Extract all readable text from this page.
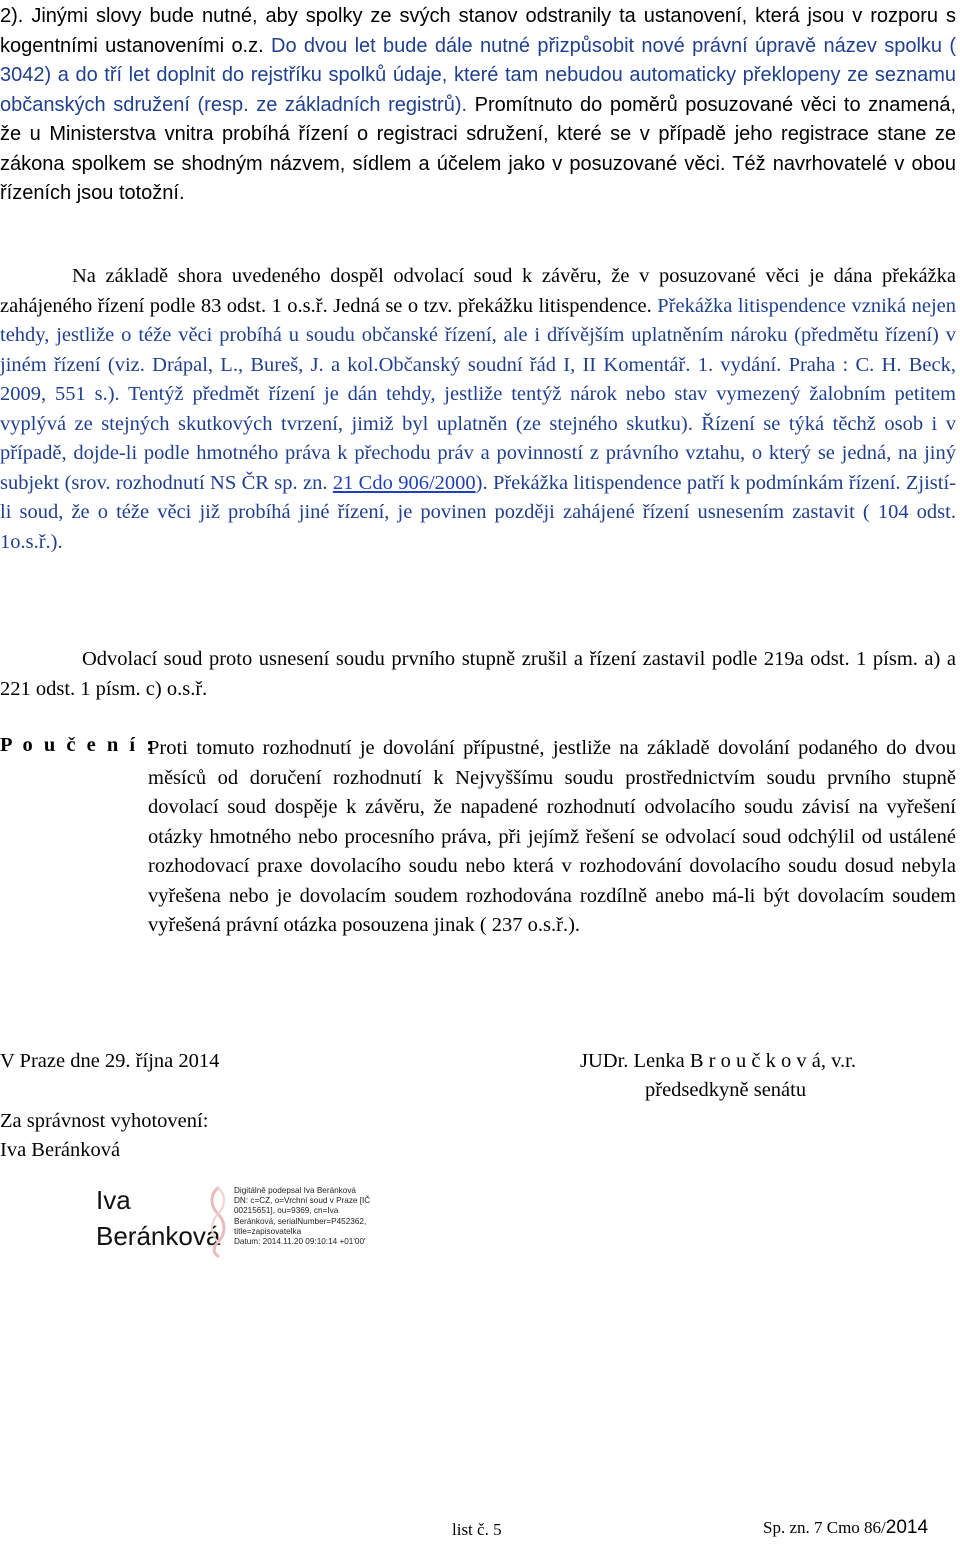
2). Jinými slovy bude nutné, aby spolky ze svých stanov odstranily ta ustanovení, která jsou v rozporu s kogentními ustanoveními o.z. Do dvou let bude dále nutné přizpůsobit nové právní úpravě název spolku ( 3042) a do tří let doplnit do rejstříku spolků údaje, které tam nebudou automaticky překlopeny ze seznamu občanských sdružení (resp. ze základních registrů). Promítnuto do poměrů posuzované věci to znamená, že u Ministerstva vnitra probíhá řízení o registraci sdružení, které se v případě jeho registrace stane ze zákona spolkem se shodným názvem, sídlem a účelem jako v posuzované věci. Též navrhovatelé v obou řízeních jsou totožní.

Na základě shora uvedeného dospěl odvolací soud k závěru, že v posuzované věci je dána překážka zahájeného řízení podle 83 odst. 1 o.s.ř. Jedná se o tzv. překážku litispendence. Překážka litispendence vzniká nejen tehdy, jestliže o téže věci probíhá u soudu občanské řízení, ale i dřívějším uplatněním nároku (předmětu řízení) v jiném řízení (viz. Drápal, L., Bureš, J. a kol.Občanský soudní řád I, II Komentář. 1. vydání. Praha : C. H. Beck, 2009, 551 s.). Tentýž předmět řízení je dán tehdy, jestliže tentýž nárok nebo stav vymezený žalobním petitem vyplývá ze stejných skutkových tvrzení, jimiž byl uplatněn (ze stejného skutku). Řízení se týká těchž osob i v případě, dojde-li podle hmotného práva k přechodu práv a povinností z právního vztahu, o který se jedná, na jiný subjekt (srov. rozhodnutí NS ČR sp. zn. 21 Cdo 906/2000). Překážka litispendence patří k podmínkám řízení. Zjistí-li soud, že o téže věci již probíhá jiné řízení, je povinen později zahájené řízení usnesením zastavit ( 104 odst. 1o.s.ř.).

Odvolací soud proto usnesení soudu prvního stupně zrušil a řízení zastavil podle 219a odst. 1 písm. a) a 221 odst. 1 písm. c) o.s.ř.

P o u č e n í :

Proti tomuto rozhodnutí je dovolání přípustné, jestliže na základě dovolání podaného do dvou měsíců od doručení rozhodnutí k Nejvyššímu soudu prostřednictvím soudu prvního stupně dovolací soud dospěje k závěru, že napadené rozhodnutí odvolacího soudu závisí na vyřešení otázky hmotného nebo procesního práva, při jejímž řešení se odvolací soud odchýlil od ustálené rozhodovací praxe dovolacího soudu nebo která v rozhodování dovolacího soudu dosud nebyla vyřešena nebo je dovolacím soudem rozhodována rozdílně anebo má-li být dovolacím soudem vyřešená právní otázka posouzena jinak ( 237 o.s.ř.).

V Praze dne 29. října 2014	JUDr. Lenka B r o u č k o v á, v.r.
předsedkyně senátu
Za správnost vyhotovení:
Iva Beránková
Iva
Beránková
Digitálně podepsal Iva Beránková
DN: c=CZ, o=Vrchní soud v Praze [IČ
00215651], ou=9369, cn=Iva
Beránková, serialNumber=P452362,
title=zapisovatelka
Datum: 2014.11.20 09:10:14 +01'00'
list č. 5	Sp. zn. 7 Cmo 86/2014
